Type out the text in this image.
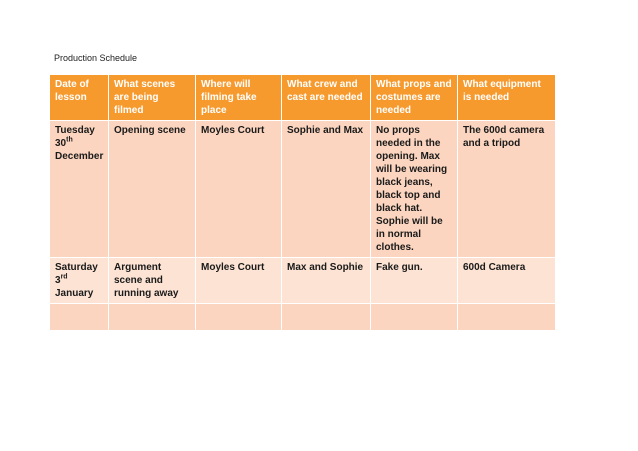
Production Schedule
Date of lesson	What scenes are being filmed	Where will filming take place	What crew and cast are needed	What props and costumes are needed	What equipment is needed
Tuesday
30th
December	Opening scene	Moyles Court	Sophie and Max	No props needed in the opening. Max will be wearing black jeans, black top and black hat. Sophie will be in normal clothes.	The 600d camera and a tripod
Saturday
3rd
January	Argument scene and running away	Moyles Court	Max and Sophie	Fake gun.	600d Camera
